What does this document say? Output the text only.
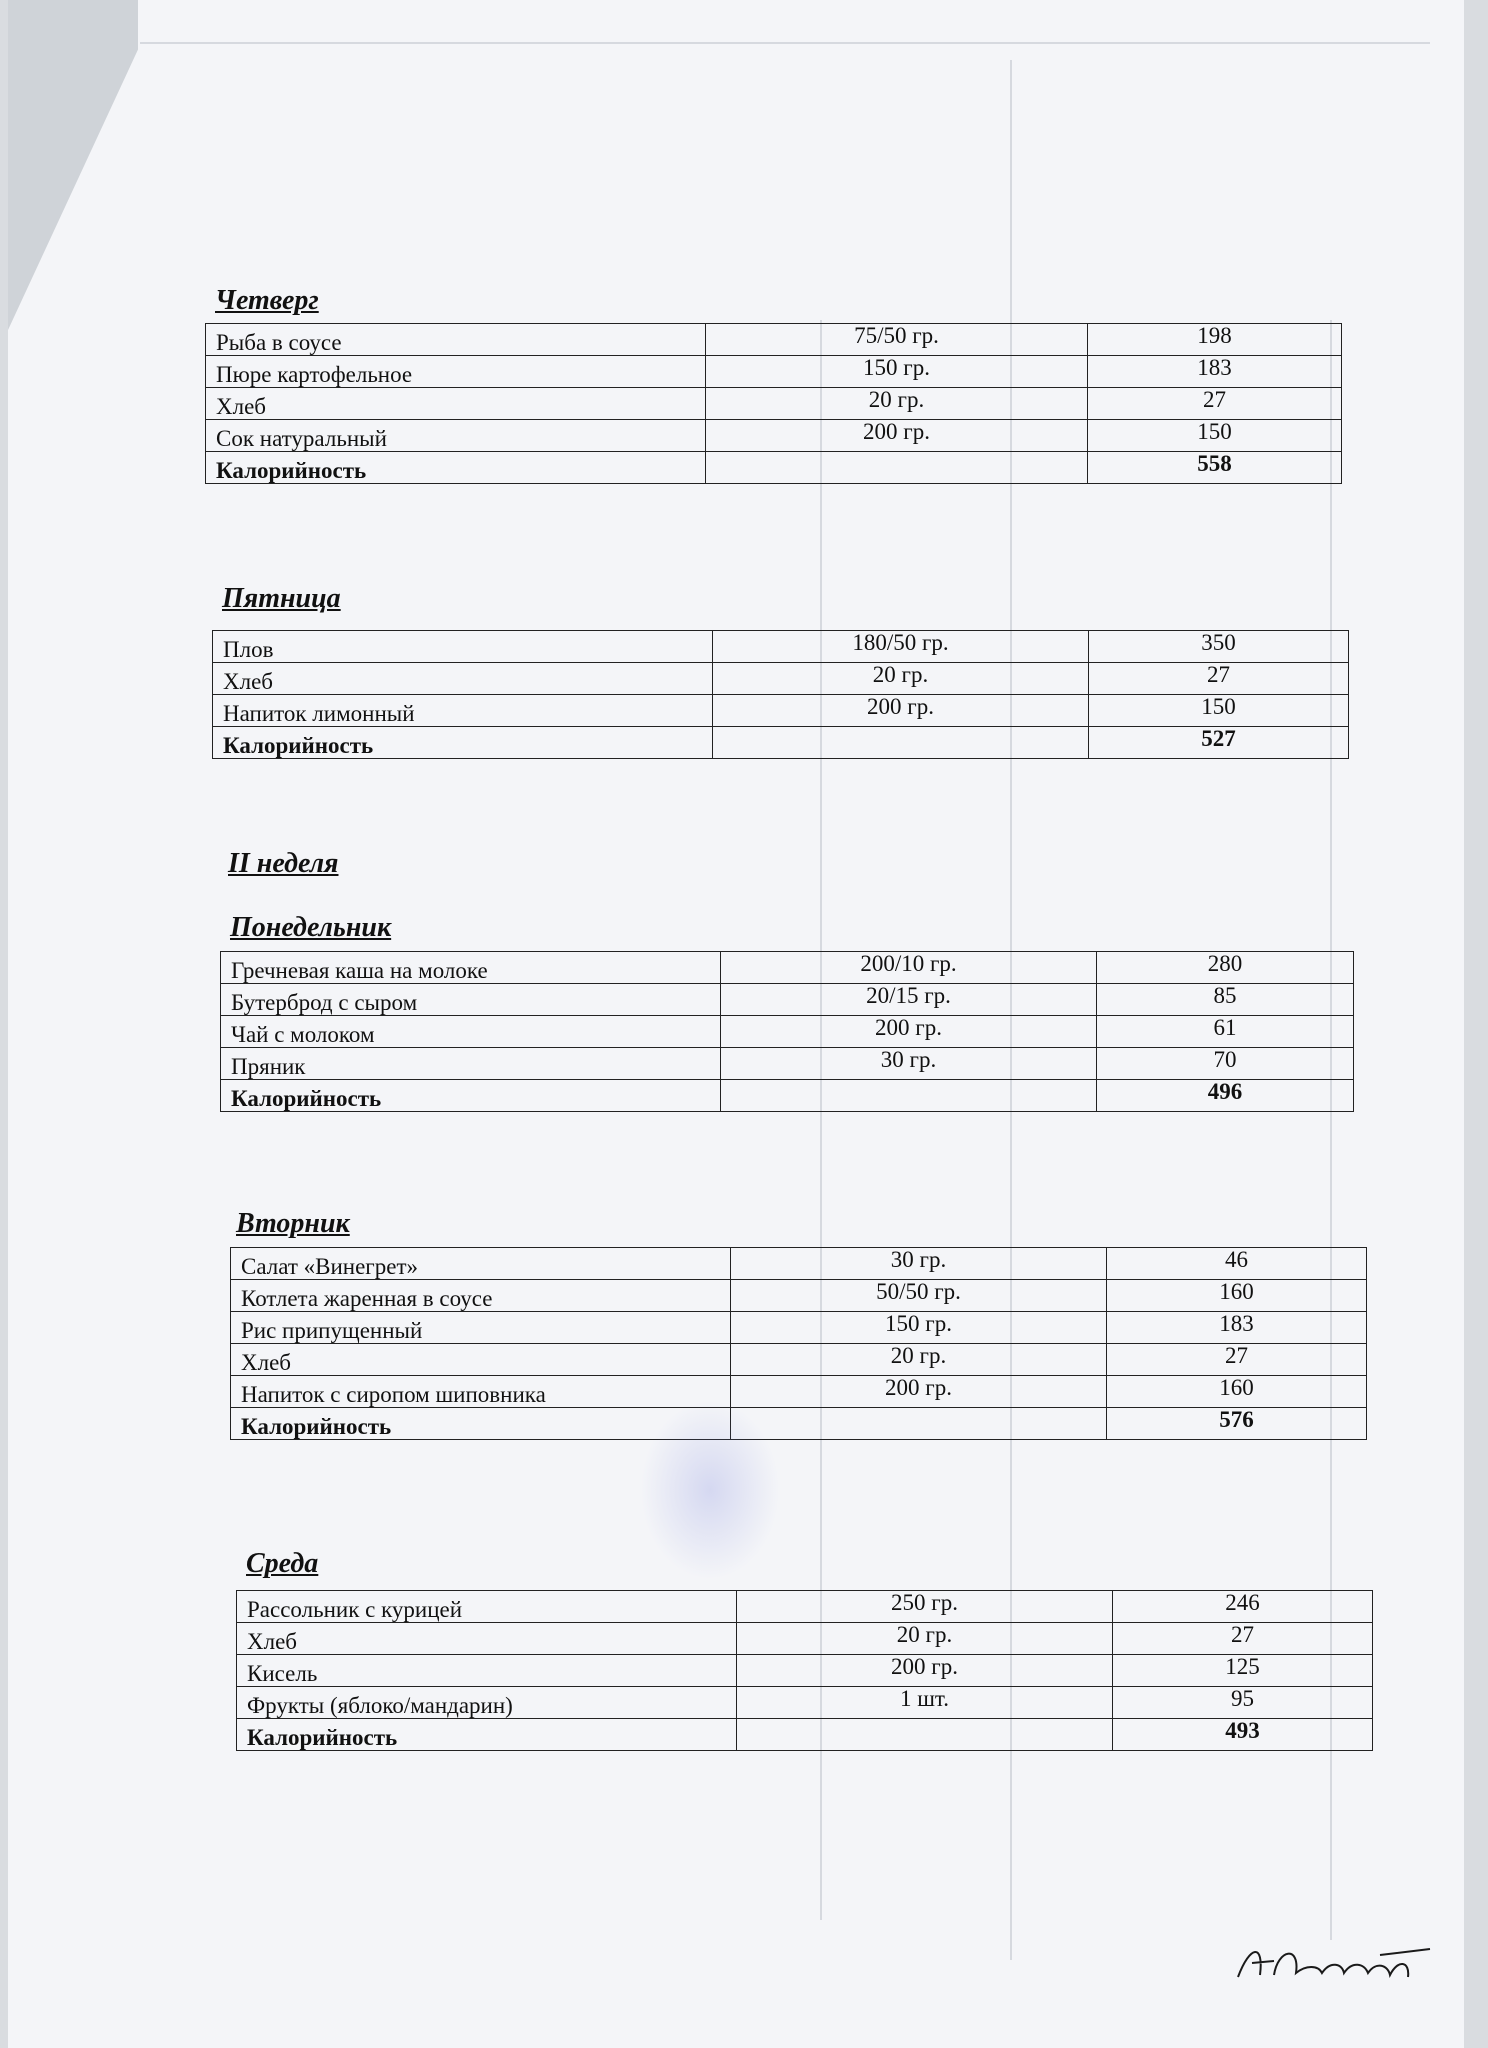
Четверг
Рыба в соусе	75/50 гр.	198
Пюре картофельное	150 гр.	183
Хлеб	20 гр.	27
Сок натуральный	200 гр.	150
Калорийность		558
Пятница
Плов	180/50 гр.	350
Хлеб	20 гр.	27
Напиток лимонный	200 гр.	150
Калорийность		527
II неделя
Понедельник
Гречневая каша на молоке	200/10 гр.	280
Бутерброд с сыром	20/15 гр.	85
Чай с молоком	200 гр.	61
Пряник	30 гр.	70
Калорийность		496
Вторник
Салат «Винегрет»	30 гр.	46
Котлета жаренная в соусе	50/50 гр.	160
Рис припущенный	150 гр.	183
Хлеб	20 гр.	27
Напиток с сиропом шиповника	200 гр.	160
Калорийность		576
Среда
Рассольник с курицей	250 гр.	246
Хлеб	20 гр.	27
Кисель	200 гр.	125
Фрукты (яблоко/мандарин)	1 шт.	95
Калорийность		493
